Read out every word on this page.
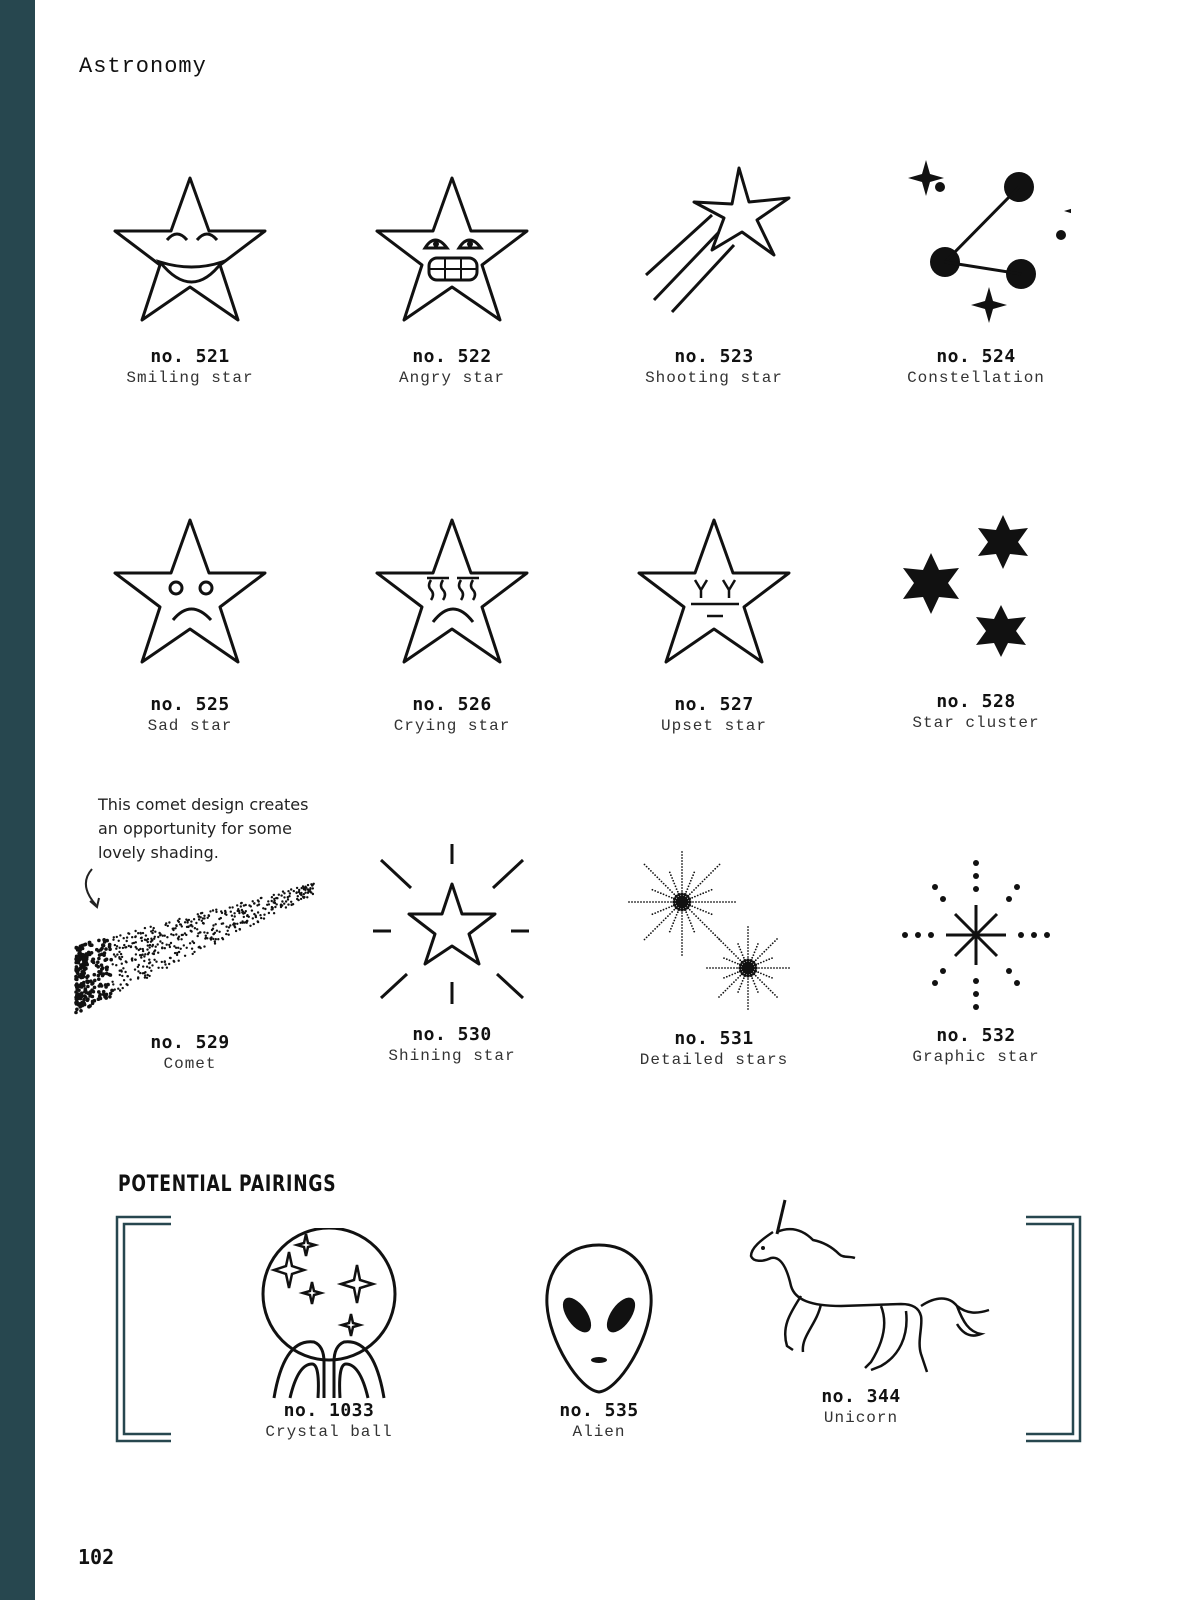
Astronomy
no. 521
Smiling star
no. 522
Angry star
no. 523
Shooting star
no. 524
Constellation
no. 525
Sad star
no. 526
Crying star
no. 527
Upset star
no. 528
Star cluster
This comet design creates an opportunity for some lovely shading.
no. 529
Comet
no. 530
Shining star
no. 531
Detailed stars
no. 532
Graphic star
POTENTIAL PAIRINGS
no. 1033
Crystal ball
no. 535
Alien
no. 344
Unicorn
102
